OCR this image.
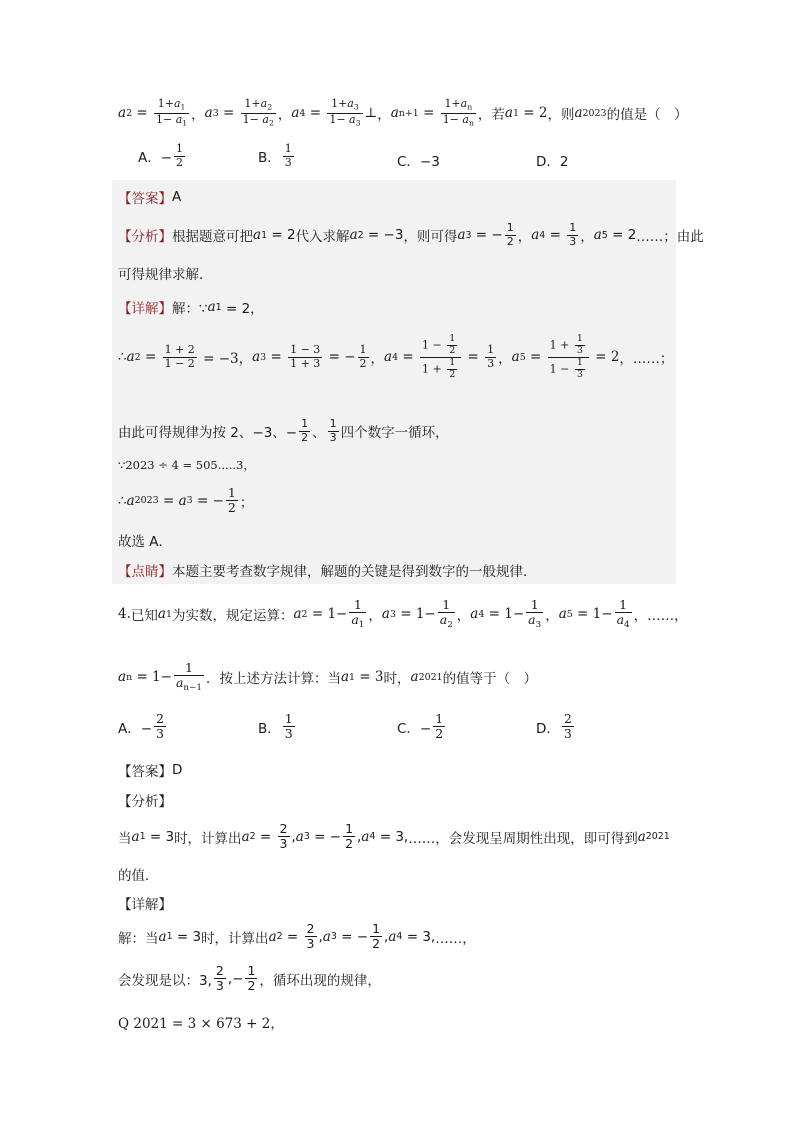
a $2 = \frac{1+a_1}{1- a_1}$ ， a $3 = \frac{1+a_2}{1- a_2}$ ， a $4 = \frac{1+a_3}{1- a_3}$ ⊥ ， a $n+1 = \frac{1+a_n}{1- a_n}$ ，若 a 1 = 2 ，则 a 2023 的值是（　）
A．− $\frac{1}{2}$	B． $\frac{1}{3}$	C．−3	D．2
【答案】 A
【分析】 根据题意可把 a 1 = 2 代入求解 a 2 = −3 ，则可得 a 3 = − $\frac{1}{2}$ ， a $4 = \frac{1}{3}$ ， a 5 = 2 ……；由此
可得规律求解．
【详解】 解：∵ a 1 = 2，
∴ a $2 = \frac{1 + 2}{1 - 2} = -3$， a $3 = \frac{1 - 3}{1 + 3}$ = − $\frac{1}{2}$ ， a $4 = \frac{1 - \frac{1}{2}}{1 + \frac{1}{2}} = \frac{1}{3}$ ， a $5 = \frac{1 + \frac{1}{3}}{1 - \frac{1}{3}} = 2$ ，……；
由此可得规律为按 2、−3、− $\frac{1}{2}$ 、 $\frac{1}{3}$ 四个数字一循环，
∵2023 ÷ 4 = 505.....3，
∴ a 2023 = a 3 = − $\frac{1}{2}$ ；
故选 A．
【点睛】 本题主要考查数字规律，解题的关键是得到数字的一般规律．
4. 已知 a 1 为实数，规定运算： a $2 = 1- \frac{1}{a_1}$ ， a $3 = 1- \frac{1}{a_2}$ ， a $4 = 1- \frac{1}{a_3}$ ， a $5 = 1- \frac{1}{a_4}$ ，……，
a $n = 1- \frac{1}{a_{n-1}}$ ．按上述方法计算：当 a 1 = 3 时， a 2021 的值等于（　）
A．− $\frac{2}{3}$	B． $\frac{1}{3}$	C．− $\frac{1}{2}$	D． $\frac{2}{3}$
【答案】 D
【分析】
当 a 1 = 3 时，计算出 a $2 = \frac{2}{3}$ , a 3 = − $\frac{1}{2}$ , a 4 = 3, ……，会发现呈周期性出现，即可得到 a 2021
的值．
【详解】
解：当 a 1 = 3 时，计算出 a $2 = \frac{2}{3}$ , a 3 = − $\frac{1}{2}$ , a 4 = 3, ……，
会发现是以：3, $\frac{2}{3}$ ,− $\frac{1}{2}$ ，循环出现的规律，
Q 2021 = 3 × 673 + 2，
